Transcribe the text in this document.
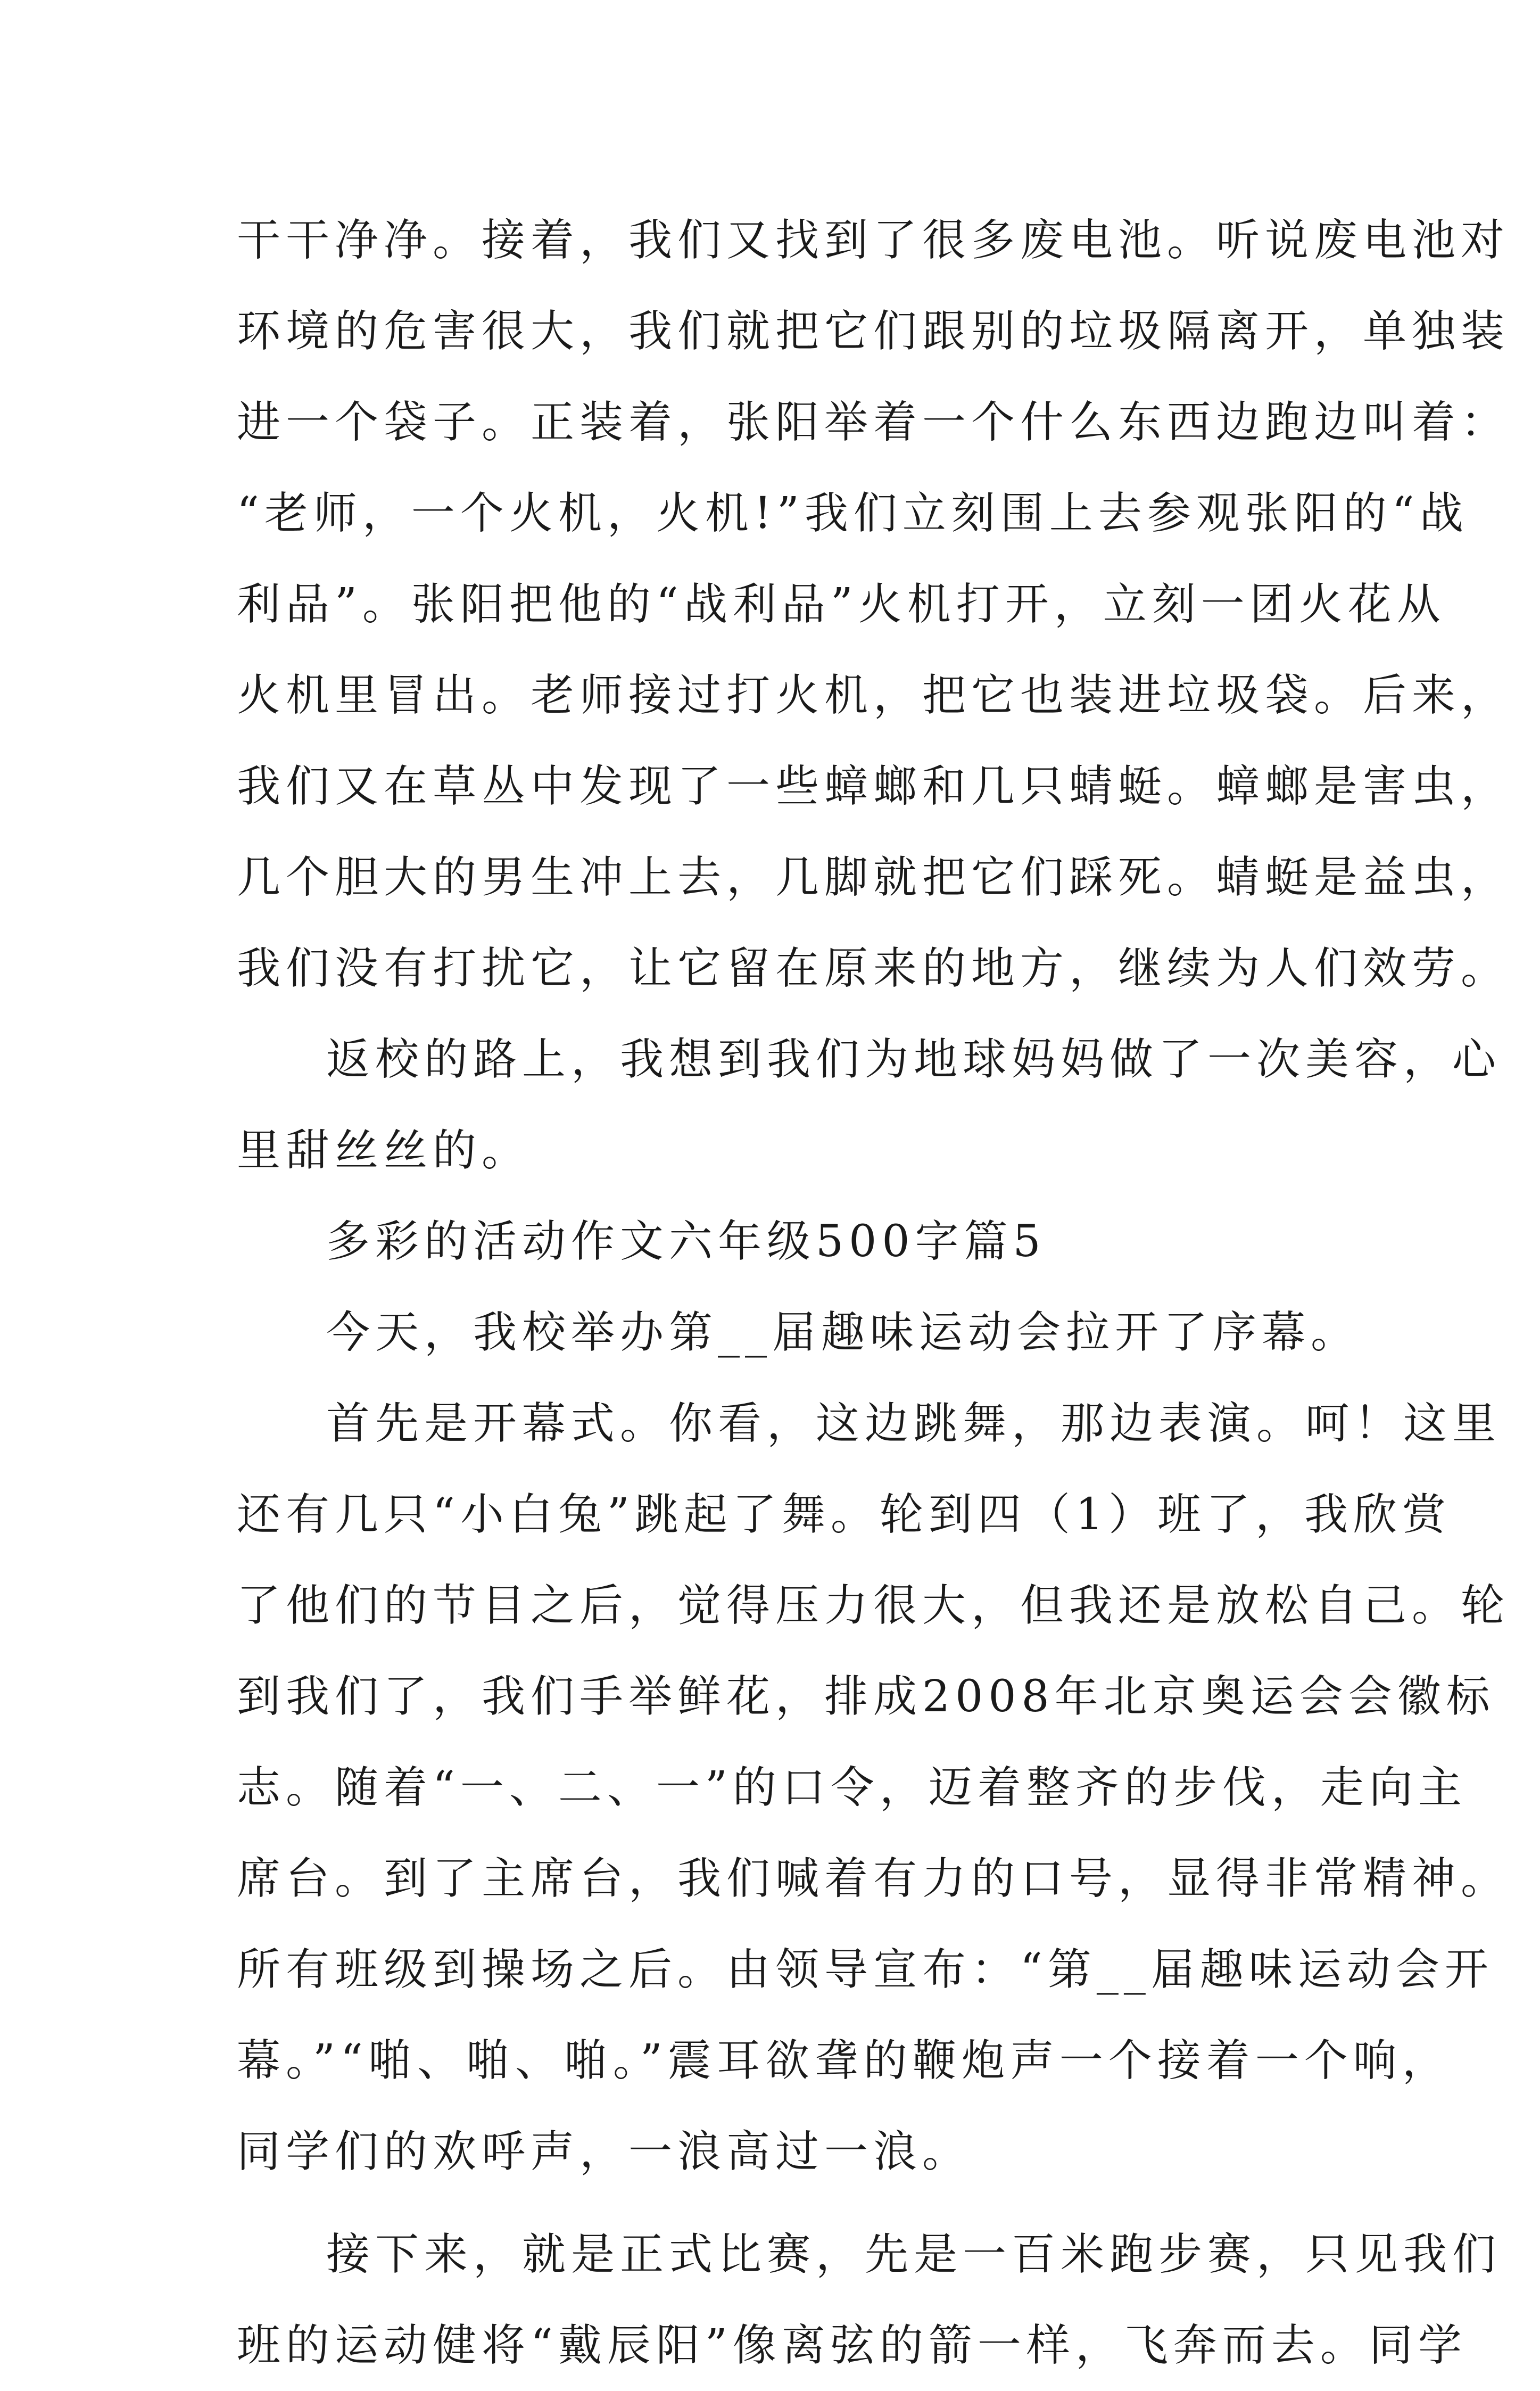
干干净净。接着，我们又找到了很多废电池。听说废电池对
环境的危害很大，我们就把它们跟别的垃圾隔离开，单独装
进一个袋子。正装着，张阳举着一个什么东西边跑边叫着：
“老师，一个火机，火机!”我们立刻围上去参观张阳的“战
利品”。张阳把他的“战利品”火机打开，立刻一团火花从
火机里冒出。老师接过打火机，把它也装进垃圾袋。后来，
我们又在草丛中发现了一些蟑螂和几只蜻蜓。蟑螂是害虫，
几个胆大的男生冲上去，几脚就把它们踩死。蜻蜓是益虫，
我们没有打扰它，让它留在原来的地方，继续为人们效劳。
返校的路上，我想到我们为地球妈妈做了一次美容，心
里甜丝丝的。
多彩的活动作文六年级500字篇5
今天，我校举办第__届趣味运动会拉开了序幕。
首先是开幕式。你看，这边跳舞，那边表演。呵！这里
还有几只“小白兔”跳起了舞。轮到四（1）班了，我欣赏
了他们的节目之后，觉得压力很大，但我还是放松自己。轮
到我们了，我们手举鲜花，排成2008年北京奥运会会徽标
志。随着“一、二、一”的口令，迈着整齐的步伐，走向主
席台。到了主席台，我们喊着有力的口号，显得非常精神。
所有班级到操场之后。由领导宣布：“第__届趣味运动会开
幕。”“啪、啪、啪。”震耳欲聋的鞭炮声一个接着一个响，
同学们的欢呼声，一浪高过一浪。
接下来，就是正式比赛，先是一百米跑步赛，只见我们
班的运动健将“戴辰阳”像离弦的箭一样，飞奔而去。同学
